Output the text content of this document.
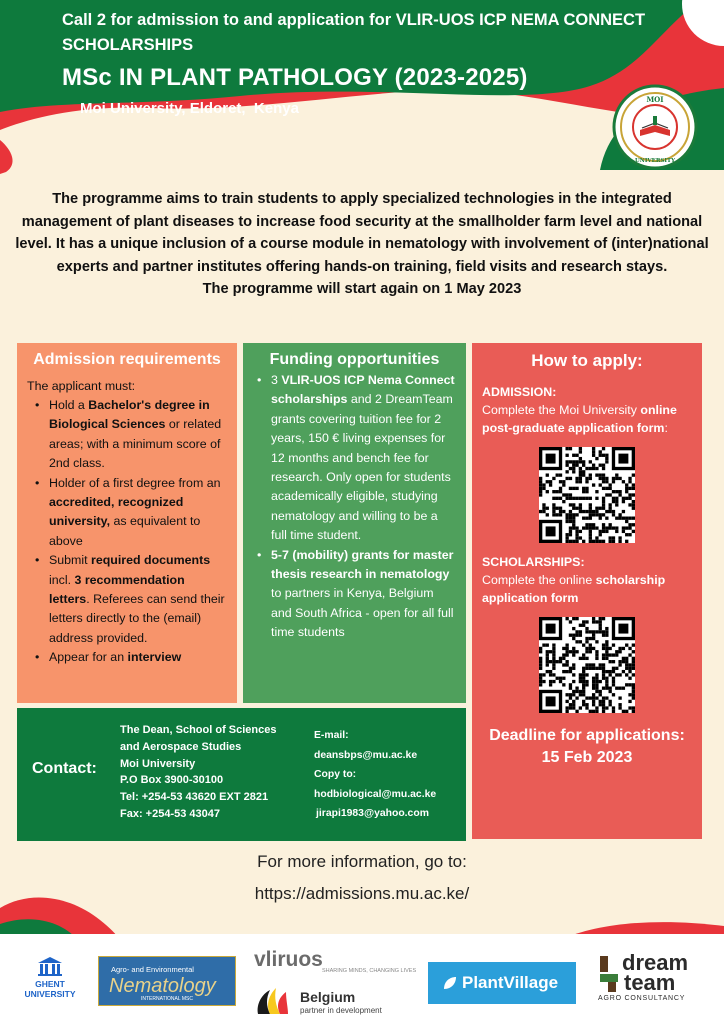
Call 2 for admission to and application for VLIR-UOS ICP NEMA CONNECT SCHOLARSHIPS
MSc IN PLANT PATHOLOGY (2023-2025)
Moi University, Eldoret,  Kenya
MOI
UNIVERSITY
The programme aims to train students to apply specialized technologies in the integrated management of plant diseases to increase food security at the smallholder farm level and national level. It has a unique inclusion of a course module in nematology with involvement of (inter)national experts and partner institutes offering hands-on training, field visits and research stays.
The programme will start again on 1 May 2023
Admission requirements

The applicant must:

• Hold a Bachelor's degree in Biological Sciences or related areas; with a minimum score of 2nd class.
• Holder of a first degree from an accredited, recognized university, as equivalent to above
• Submit required documents incl. 3 recommendation letters. Referees can send their letters directly to the (email) address provided.
• Appear for an interview
Funding opportunities
• 3 VLIR-UOS ICP Nema Connect scholarships and 2 DreamTeam grants covering tuition fee for 2 years, 150 € living expenses for 12 months and bench fee for research. Only open for students academically eligible, studying nematology and willing to be a full time student.
• 5-7 (mobility) grants for master thesis research in nematology to partners in Kenya, Belgium and South Africa - open for all full time students
How to apply:
ADMISSION:
Complete the Moi University online post-graduate application form:
SCHOLARSHIPS:
Complete the online scholarship application form
Deadline for applications:
15 Feb 2023
Contact:
The Dean, School of Sciences
and Aerospace Studies
Moi University
P.O Box 3900-30100
Tel: +254-53 43620 EXT 2821
Fax: +254-53 43047
E-mail:
deansbps@mu.ac.ke
Copy to:
hodbiological@mu.ac.ke
jirapi1983@yahoo.com
For more information, go to:
https://admissions.mu.ac.ke/
GHENT UNIVERSITY
Agro- and Environmental
Nematology
INTERNATIONAL MSC
vliruos SHARING MINDS, CHANGING LIVES
Belgium
partner in development
PlantVillage
dream
team
AGRO CONSULTANCY
